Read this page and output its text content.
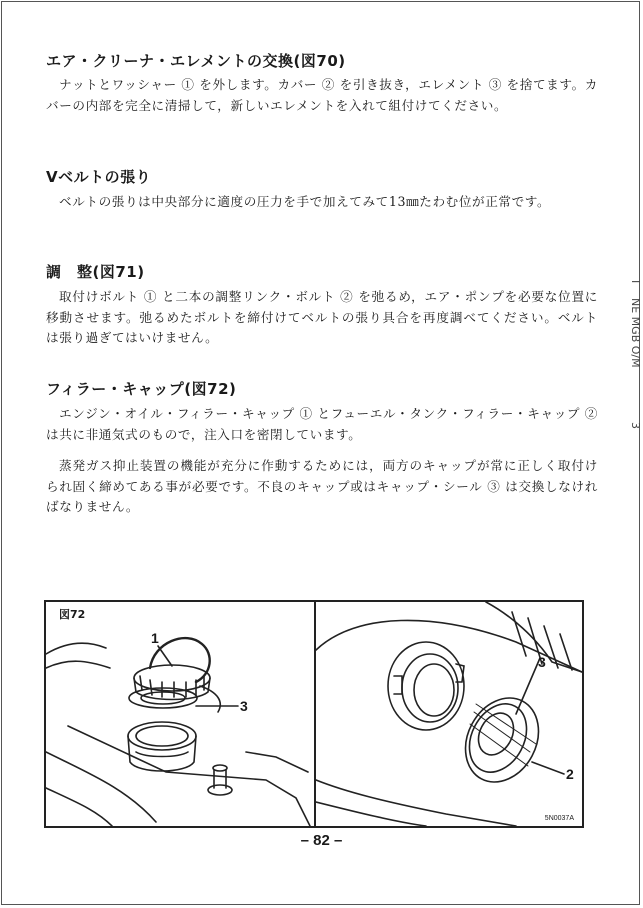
エア・クリーナ・エレメントの交換(図70)

ナットとワッシャー ① を外します。カバー ② を引き抜き，エレメント ③ を捨てます。カバーの内部を完全に清掃して，新しいエレメントを入れて組付けてください。

Vベルトの張り

ベルトの張りは中央部分に適度の圧力を手で加えてみて13㎜たわむ位が正常です。

調　整(図71)

取付けボルト ① と二本の調整リンク・ボルト ② を弛るめ，エア・ポンプを必要な位置に移動させます。弛るめたボルトを締付けてベルトの張り具合を再度調べてください。ベルトは張り過ぎてはいけません。

フィラー・キャップ(図72)

エンジン・オイル・フィラー・キャップ ① とフューエル・タンク・フィラー・キャップ ② は共に非通気式のもので，注入口を密閉しています。

蒸発ガス抑止装置の機能が充分に作動するためには，両方のキャップが常に正しく取付けられ固く締めてある事が必要です。不良のキャップ或はキャップ・シール ③ は交換しなければなりません。

I
NE MGB O/M
3
図72
1
3
3
2
5N0037A
– 82 –
